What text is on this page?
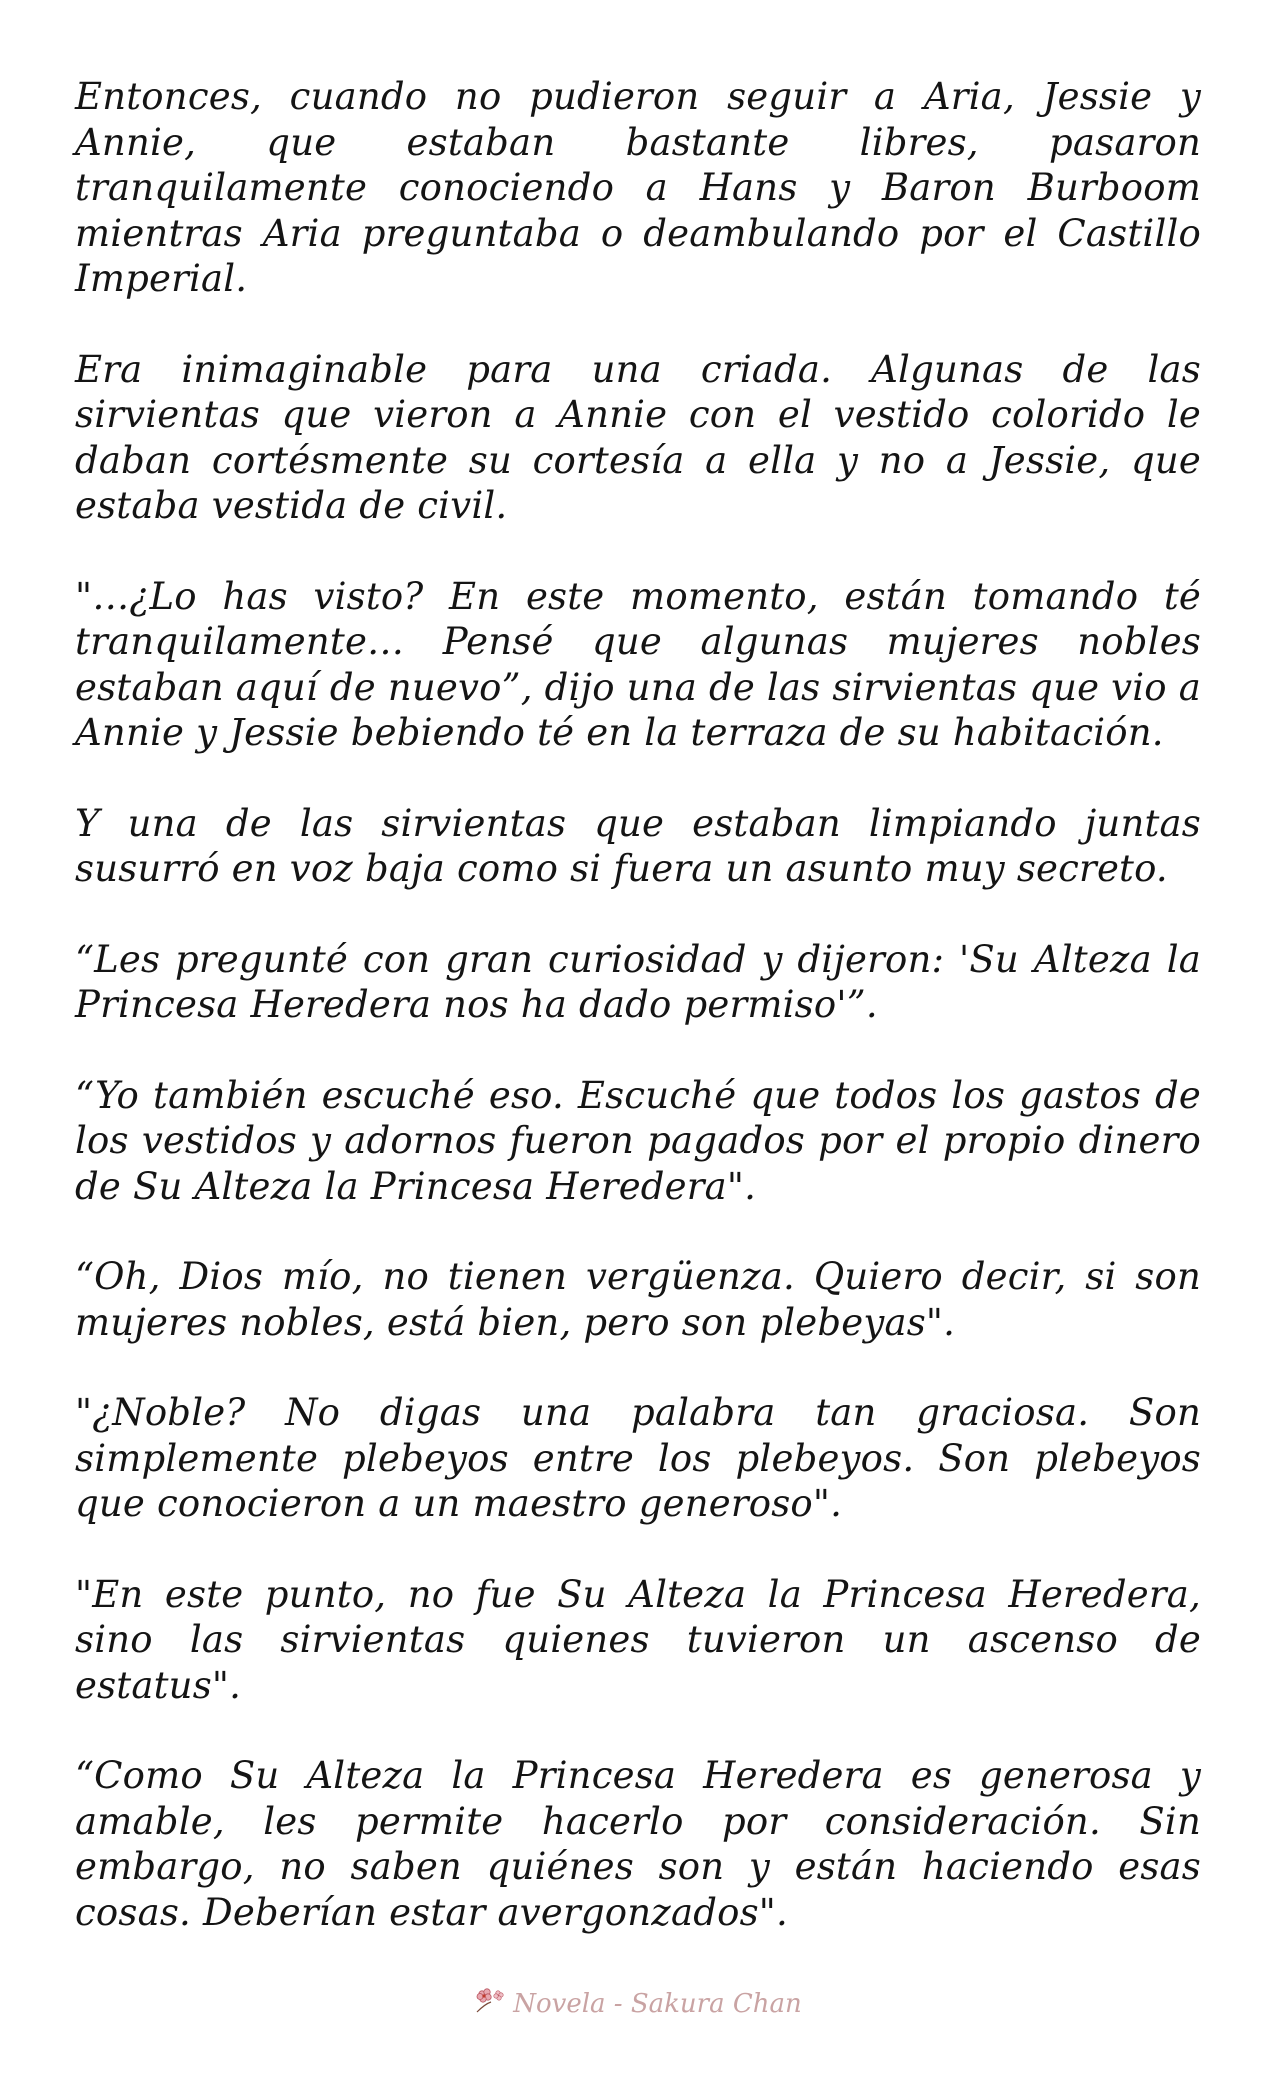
Entonces, cuando no pudieron seguir a Aria, Jessie y Annie, que estaban bastante libres, pasaron tranquilamente conociendo a Hans y Baron Burboom mientras Aria preguntaba o deambulando por el Castillo Imperial.

Era inimaginable para una criada. Algunas de las sirvientas que vieron a Annie con el vestido colorido le daban cortésmente su cortesía a ella y no a Jessie, que estaba vestida de civil.

"…¿Lo has visto? En este momento, están tomando té tranquilamente… Pensé que algunas mujeres nobles estaban aquí de nuevo”, dijo una de las sirvientas que vio a Annie y Jessie bebiendo té en la terraza de su habitación.

Y una de las sirvientas que estaban limpiando juntas susurró en voz baja como si fuera un asunto muy secreto.

“Les pregunté con gran curiosidad y dijeron: 'Su Alteza la Princesa Heredera nos ha dado permiso'”.

“Yo también escuché eso. Escuché que todos los gastos de los vestidos y adornos fueron pagados por el propio dinero de Su Alteza la Princesa Heredera".

“Oh, Dios mío, no tienen vergüenza. Quiero decir, si son mujeres nobles, está bien, pero son plebeyas".

"¿Noble? No digas una palabra tan graciosa. Son simplemente plebeyos entre los plebeyos. Son plebeyos que conocieron a un maestro generoso".

"En este punto, no fue Su Alteza la Princesa Heredera, sino las sirvientas quienes tuvieron un ascenso de estatus".

“Como Su Alteza la Princesa Heredera es generosa y amable, les permite hacerlo por consideración. Sin embargo, no saben quiénes son y están haciendo esas cosas. Deberían estar avergonzados".

Novela - Sakura Chan
